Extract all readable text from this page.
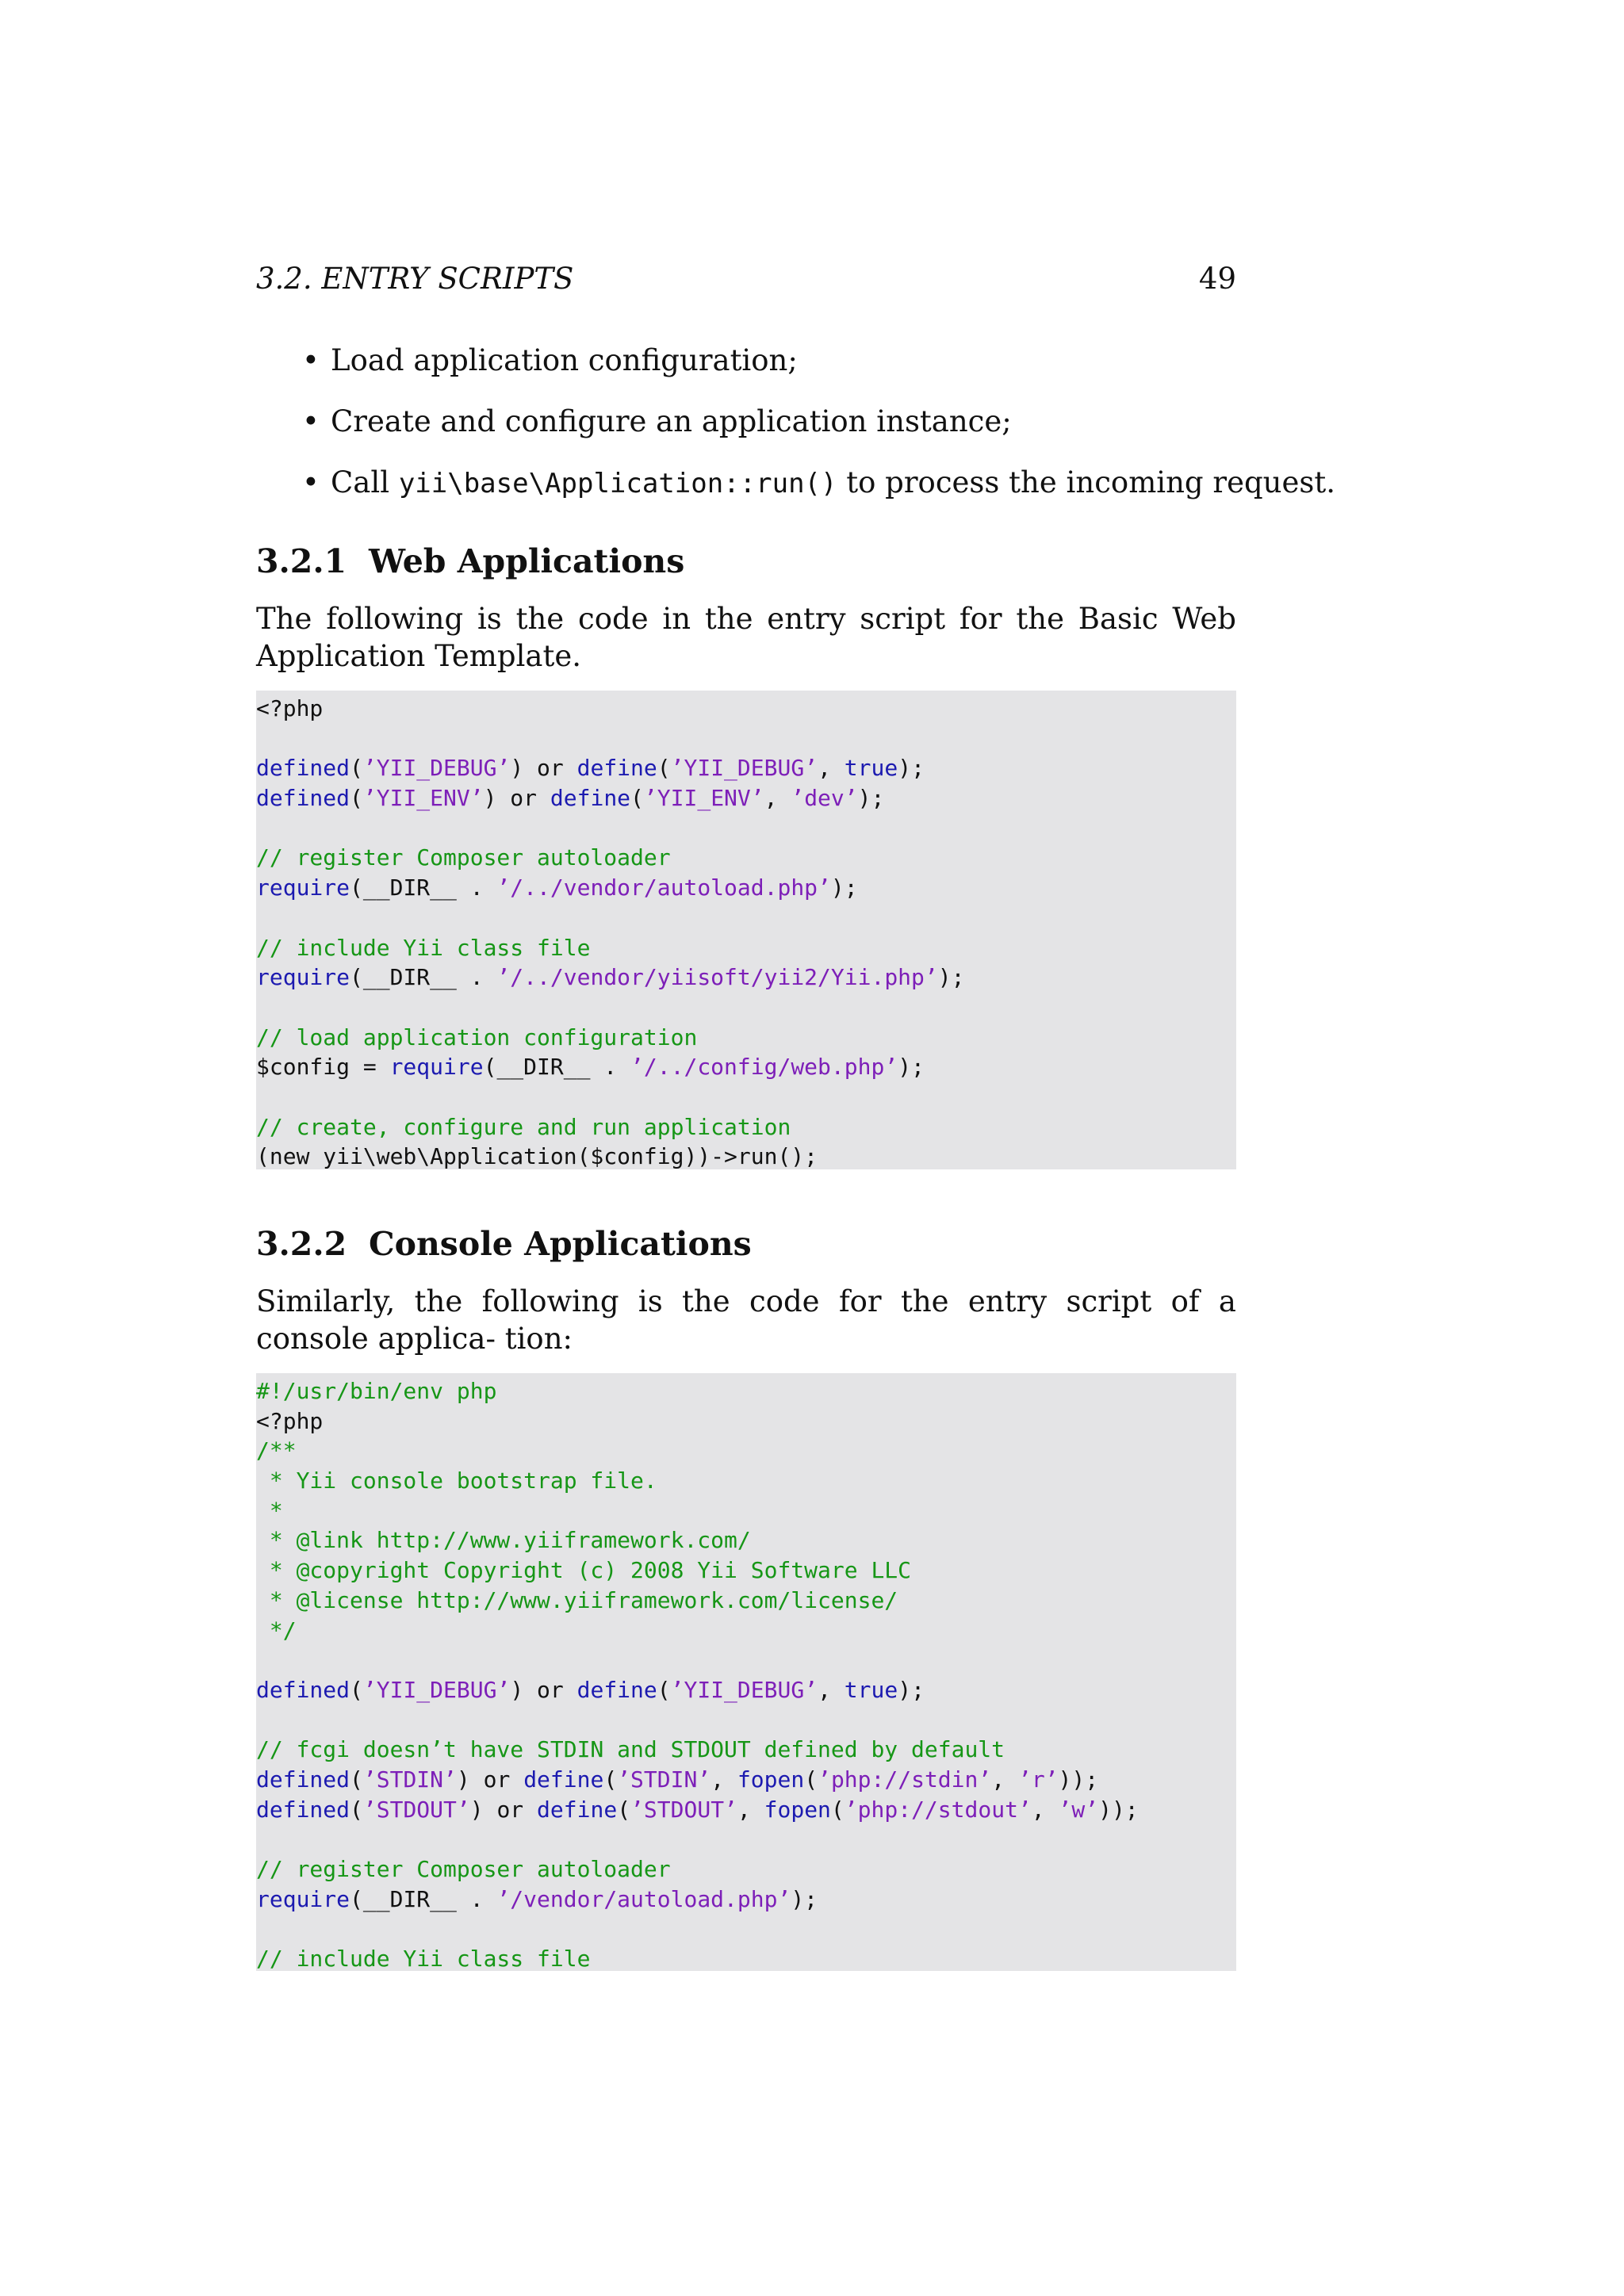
3.2. ENTRY SCRIPTS	49
• Load application configuration;
• Create and configure an application instance;
• Call yii\base\Application::run() to process the incoming request.
3.2.1 Web Applications
The following is the code in the entry script for the Basic Web Application Template.
<?php

defined(’YII_DEBUG’) or define(’YII_DEBUG’, true);
defined(’YII_ENV’) or define(’YII_ENV’, ’dev’);

// register Composer autoloader
require(__DIR__ . ’/../vendor/autoload.php’);

// include Yii class file
require(__DIR__ . ’/../vendor/yiisoft/yii2/Yii.php’);

// load application configuration
$config = require(__DIR__ . ’/../config/web.php’);

// create, configure and run application
(new yii\web\Application($config))->run();
3.2.2 Console Applications
Similarly, the following is the code for the entry script of a console applica- tion:
#!/usr/bin/env php
<?php
/**
* Yii console bootstrap file.
*
* @link http://www.yiiframework.com/
* @copyright Copyright (c) 2008 Yii Software LLC
* @license http://www.yiiframework.com/license/
*/

defined(’YII_DEBUG’) or define(’YII_DEBUG’, true);

// fcgi doesn’t have STDIN and STDOUT defined by default
defined(’STDIN’) or define(’STDIN’, fopen(’php://stdin’, ’r’));
defined(’STDOUT’) or define(’STDOUT’, fopen(’php://stdout’, ’w’));

// register Composer autoloader
require(__DIR__ . ’/vendor/autoload.php’);

// include Yii class file
